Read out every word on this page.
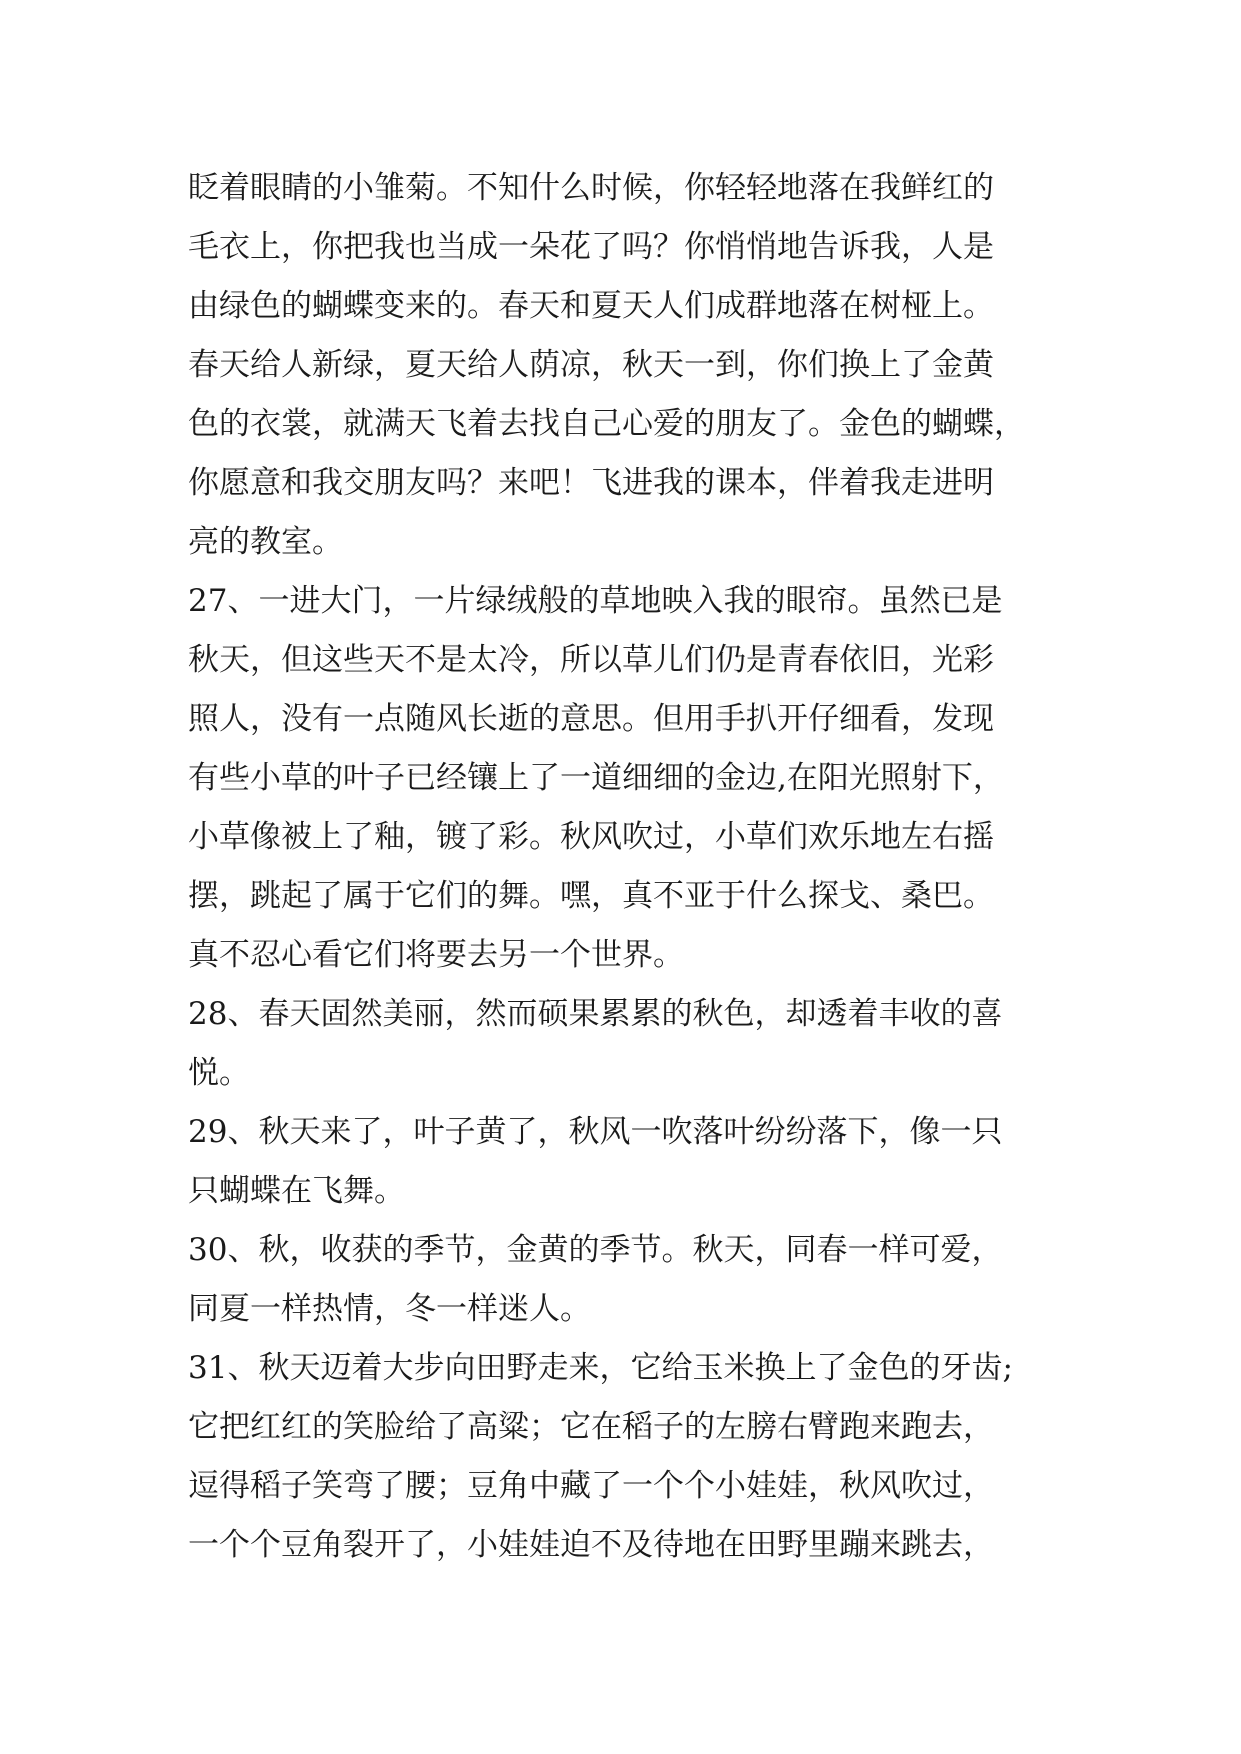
眨着眼睛的小雏菊。不知什么时候，你轻轻地落在我鲜红的
毛衣上，你把我也当成一朵花了吗？你悄悄地告诉我，人是
由绿色的蝴蝶变来的。春天和夏天人们成群地落在树桠上。
春天给人新绿，夏天给人荫凉，秋天一到，你们换上了金黄
色的衣裳，就满天飞着去找自己心爱的朋友了。金色的蝴蝶，
你愿意和我交朋友吗？来吧！飞进我的课本，伴着我走进明
亮的教室。
27、一进大门，一片绿绒般的草地映入我的眼帘。虽然已是
秋天，但这些天不是太冷，所以草儿们仍是青春依旧，光彩
照人，没有一点随风长逝的意思。但用手扒开仔细看，发现
有些小草的叶子已经镶上了一道细细的金边,在阳光照射下，
小草像被上了釉，镀了彩。秋风吹过，小草们欢乐地左右摇
摆，跳起了属于它们的舞。嘿，真不亚于什么探戈、桑巴。
真不忍心看它们将要去另一个世界。
28、春天固然美丽，然而硕果累累的秋色，却透着丰收的喜
悦。
29、秋天来了，叶子黄了，秋风一吹落叶纷纷落下，像一只
只蝴蝶在飞舞。
30、秋，收获的季节，金黄的季节。秋天，同春一样可爱，
同夏一样热情，冬一样迷人。
31、秋天迈着大步向田野走来，它给玉米换上了金色的牙齿;
它把红红的笑脸给了高粱；它在稻子的左膀右臂跑来跑去，
逗得稻子笑弯了腰；豆角中藏了一个个小娃娃，秋风吹过，
一个个豆角裂开了，小娃娃迫不及待地在田野里蹦来跳去，
